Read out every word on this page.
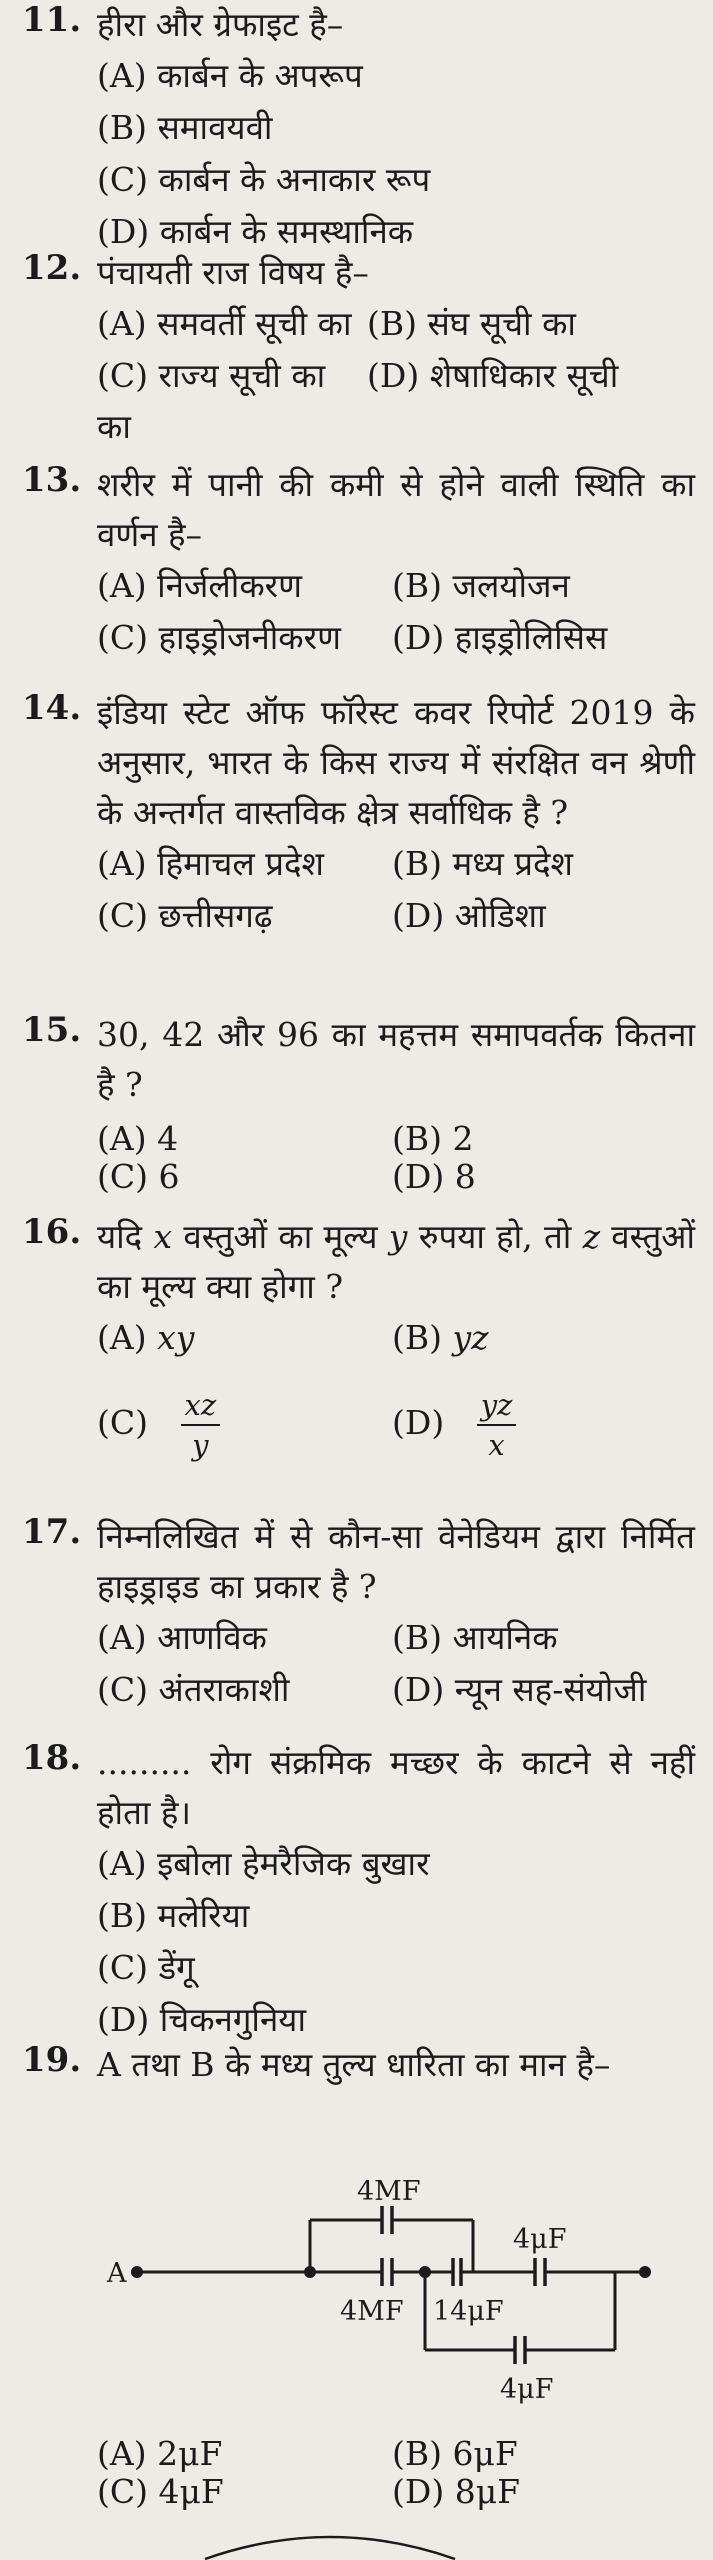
11. हीरा और ग्रेफाइट है–
(A) कार्बन के अपरूप
(B) समावयवी
(C) कार्बन के अनाकार रूप
(D) कार्बन के समस्थानिक
12. पंचायती राज विषय है–
(A) समवर्ती सूची का (B) संघ सूची का
(C) राज्य सूची का	(D) शेषाधिकार सूची
का
13. शरीर में पानी की कमी से होने वाली स्थिति का वर्णन है–
(A) निर्जलीकरण	(B) जलयोजन
(C) हाइड्रोजनीकरण	(D) हाइड्रोलिसिस
14. इंडिया स्टेट ऑफ फॉरेस्ट कवर रिपोर्ट 2019 के अनुसार, भारत के किस राज्य में संरक्षित वन श्रेणी के अन्तर्गत वास्तविक क्षेत्र सर्वाधिक है ?
(A) हिमाचल प्रदेश	(B) मध्य प्रदेश
(C) छत्तीसगढ़	(D) ओडिशा
15. 30, 42 और 96 का महत्तम समापवर्तक कितना है ?
(A) 4	(B) 2
(C) 6	(D) 8
16. यदि x वस्तुओं का मूल्य y रुपया हो, तो z वस्तुओं का मूल्य क्या होगा ?
(A) xy	(B) yz
$(C) \frac{xz}{y}$	$(D) \frac{yz}{x}$
17. निम्नलिखित में से कौन-सा वेनेडियम द्वारा निर्मित हाइड्राइड का प्रकार है ?
(A) आणविक	(B) आयनिक
(C) अंतराकाशी	(D) न्यून सह-संयोजी
18. ......... रोग संक्रमिक मच्छर के काटने से नहीं होता है।
(A) इबोला हेमरैजिक बुखार
(B) मलेरिया
(C) डेंगू
(D) चिकनगुनिया
19. A तथा B के मध्य तुल्य धारिता का मान है–
A
4MF
4MF 14μF
4μF
4μF
(A) 2μF	(B) 6μF
(C) 4μF	(D) 8μF
